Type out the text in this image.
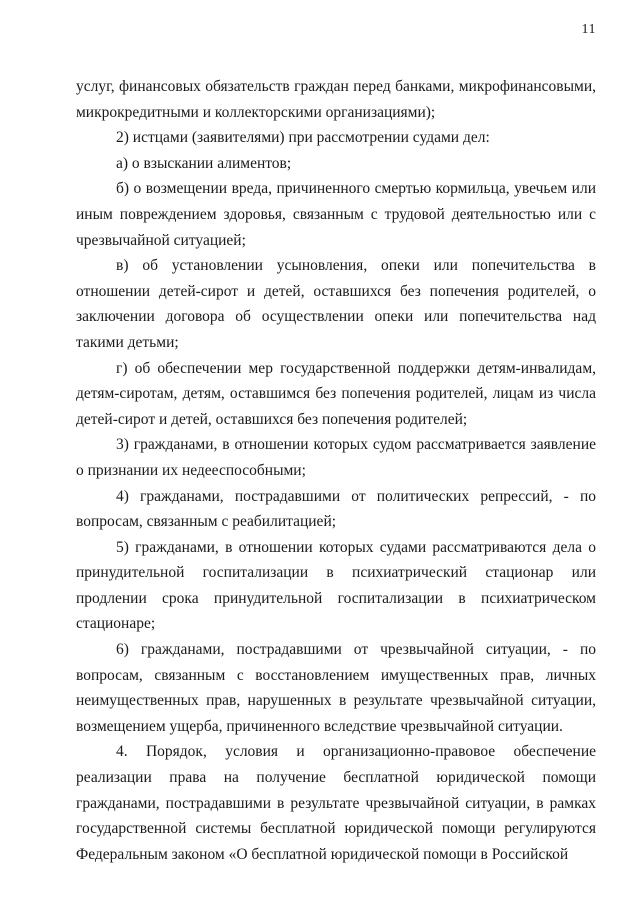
11

услуг, финансовых обязательств граждан перед банками, микрофинансовыми, микрокредитными и коллекторскими организациями);

2) истцами (заявителями) при рассмотрении судами дел:

а) о взыскании алиментов;

б) о возмещении вреда, причиненного смертью кормильца, увечьем или иным повреждением здоровья, связанным с трудовой деятельностью или с чрезвычайной ситуацией;

в) об установлении усыновления, опеки или попечительства в отношении детей-сирот и детей, оставшихся без попечения родителей, о заключении договора об осуществлении опеки или попечительства над такими детьми;

г) об обеспечении мер государственной поддержки детям-инвалидам, детям-сиротам, детям, оставшимся без попечения родителей, лицам из числа детей-сирот и детей, оставшихся без попечения родителей;

3) гражданами, в отношении которых судом рассматривается заявление о признании их недееспособными;

4) гражданами, пострадавшими от политических репрессий, - по вопросам, связанным с реабилитацией;

5) гражданами, в отношении которых судами рассматриваются дела о принудительной госпитализации в психиатрический стационар или продлении срока принудительной госпитализации в психиатрическом стационаре;

6) гражданами, пострадавшими от чрезвычайной ситуации, - по вопросам, связанным с восстановлением имущественных прав, личных неимущественных прав, нарушенных в результате чрезвычайной ситуации, возмещением ущерба, причиненного вследствие чрезвычайной ситуации.

4. Порядок, условия и организационно-правовое обеспечение реализации права на получение бесплатной юридической помощи гражданами, пострадавшими в результате чрезвычайной ситуации, в рамках государственной системы бесплатной юридической помощи регулируются Федеральным законом «О бесплатной юридической помощи в Российской
